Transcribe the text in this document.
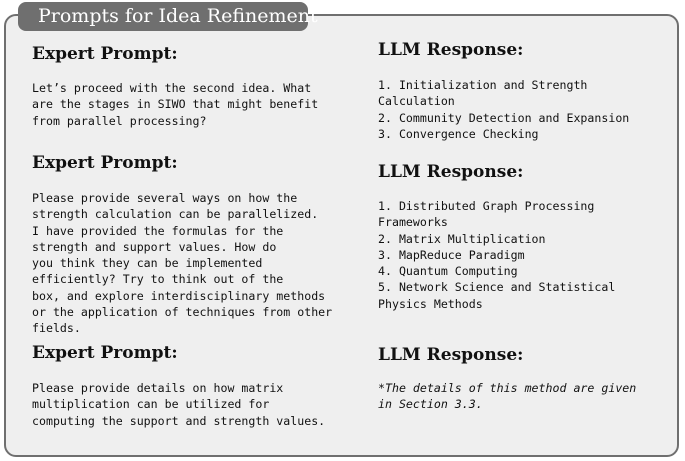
Prompts for Idea Refinement
Expert Prompt:
Let’s proceed with the second idea. What
are the stages in SIWO that might benefit
from parallel processing?
LLM Response:
1. Initialization and Strength
Calculation
2. Community Detection and Expansion
3. Convergence Checking
Expert Prompt:
Please provide several ways on how the
strength calculation can be parallelized.
I have provided the formulas for the
strength and support values. How do
you think they can be implemented
efficiently? Try to think out of the
box, and explore interdisciplinary methods
or the application of techniques from other
fields.
LLM Response:
1. Distributed Graph Processing
Frameworks
2. Matrix Multiplication
3. MapReduce Paradigm
4. Quantum Computing
5. Network Science and Statistical
Physics Methods
Expert Prompt:
Please provide details on how matrix
multiplication can be utilized for
computing the support and strength values.
LLM Response:
*The details of this method are given
in Section 3.3.
